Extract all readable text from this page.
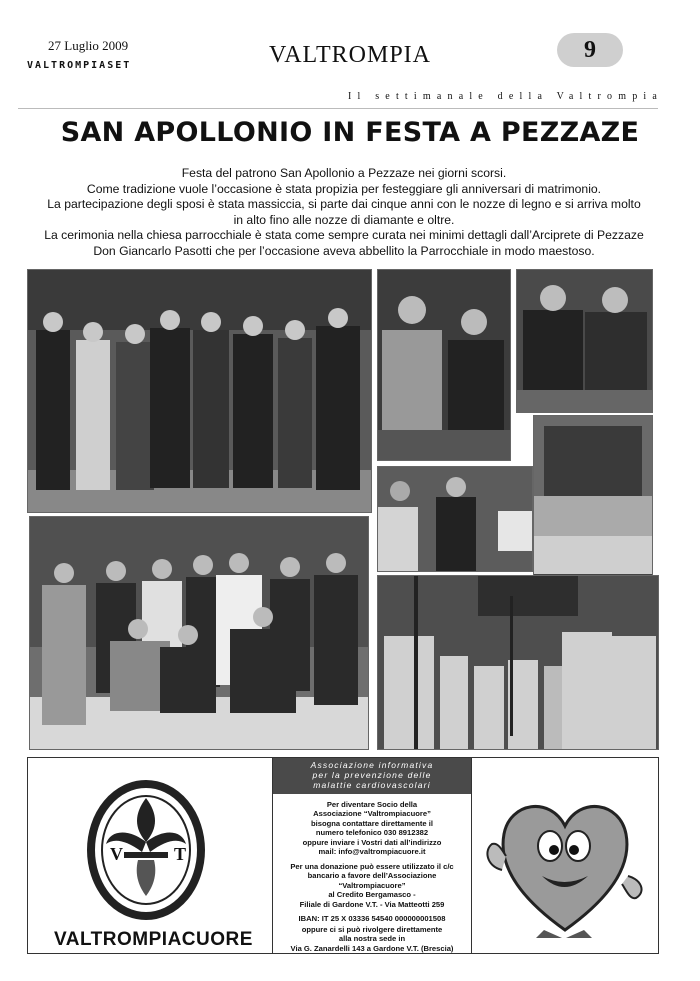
27 Luglio 2009
VALTROMPIASET	VALTROMPIA	9
Il settimanale della Valtrompia
SAN APOLLONIO IN FESTA A PEZZAZE
Festa del patrono San Apollonio a Pezzaze nei giorni scorsi.
Come tradizione vuole l’occasione è stata propizia per festeggiare gli anniversari di matrimonio.
La partecipazione degli sposi è stata massiccia, si parte dai cinque anni con le nozze di legno e si arriva molto
in alto fino alle nozze di diamante e oltre.
La cerimonia nella chiesa parrocchiale è stata come sempre curata nei minimi dettagli dall’Arciprete di Pezzaze
Don Giancarlo Pasotti che per l’occasione aveva abbellito la Parrocchiale in modo maestoso.
V	T
VALTROMPIACUORE
Associazione informativa
per la prevenzione delle
malattie cardiovascolari
Per diventare Socio della
Associazione “Valtrompiacuore”
bisogna contattare direttamente il
numero telefonico 030 8912382
oppure inviare i Vostri dati all’indirizzo
mail: info@valtrompiacuore.it
Per una donazione può essere utilizzato il c/c
bancario a favore dell’Associazione
“Valtrompiacuore”
al Credito Bergamasco -
Filiale di Gardone V.T. - Via Matteotti 259
IBAN: IT 25 X 03336 54540 000000001508
oppure ci si può rivolgere direttamente
alla nostra sede in
Via G. Zanardelli 143 a Gardone V.T. (Brescia)
